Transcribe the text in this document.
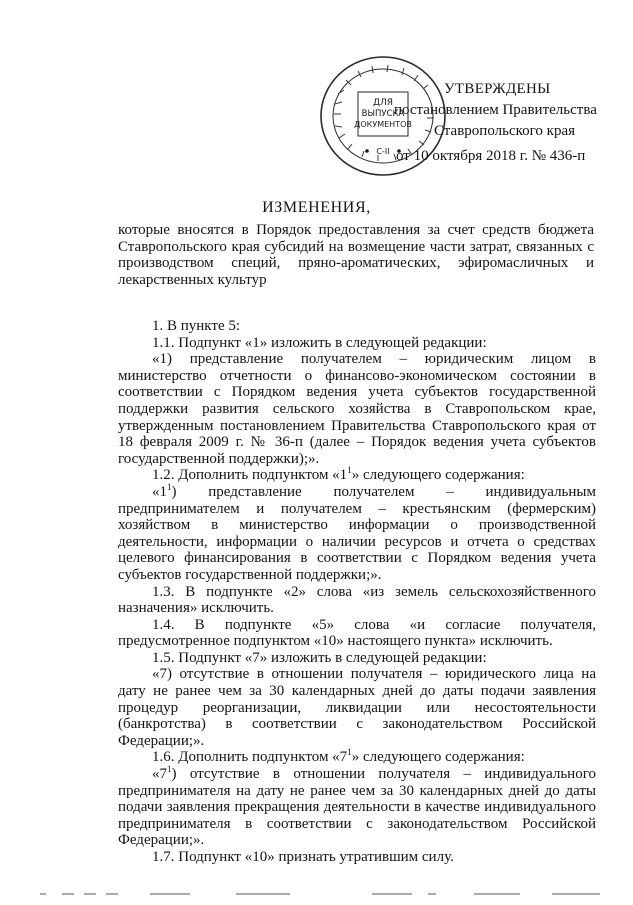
ДЛЯ
ВЫПУСКА
ДОКУМЕНТОВ
С-II
УТВЕРЖДЕНЫ
постановлением Правительства
Ставропольского края
от 10 октября 2018 г. № 436-п
ИЗМЕНЕНИЯ,
которые вносятся в Порядок предоставления за счет средств бюджета Ставропольского края субсидий на возмещение части затрат, связанных с производством специй, пряно-ароматических, эфиромасличных и лекарственных культур

1. В пункте 5:

1.1. Подпункт «1» изложить в следующей редакции:

«1) представление получателем – юридическим лицом в министерство отчетности о финансово-экономическом состоянии в соответствии с Порядком ведения учета субъектов государственной поддержки развития сельского хозяйства в Ставропольском крае, утвержденным постановлением Правительства Ставропольского края от 18 февраля 2009 г. № 36-п (далее – Порядок ведения учета субъектов государственной поддержки);».

1.2. Дополнить подпунктом «$1^1$» следующего содержания:

«$1^1$) представление получателем – индивидуальным предпринимателем и получателем – крестьянским (фермерским) хозяйством в министерство информации о производственной деятельности, информации о наличии ресурсов и отчета о средствах целевого финансирования в соответствии с Порядком ведения учета субъектов государственной поддержки;».

1.3. В подпункте «2» слова «из земель сельскохозяйственного назначения» исключить.

1.4. В подпункте «5» слова «и согласие получателя, предусмотренное подпунктом «10» настоящего пункта» исключить.

1.5. Подпункт «7» изложить в следующей редакции:

«7) отсутствие в отношении получателя – юридического лица на дату не ранее чем за 30 календарных дней до даты подачи заявления процедур реорганизации, ликвидации или несостоятельности (банкротства) в соответствии с законодательством Российской Федерации;».

1.6. Дополнить подпунктом «$7^1$» следующего содержания:

«$7^1$) отсутствие в отношении получателя – индивидуального предпринимателя на дату не ранее чем за 30 календарных дней до даты подачи заявления прекращения деятельности в качестве индивидуального предпринимателя в соответствии с законодательством Российской Федерации;».

1.7. Подпункт «10» признать утратившим силу.
